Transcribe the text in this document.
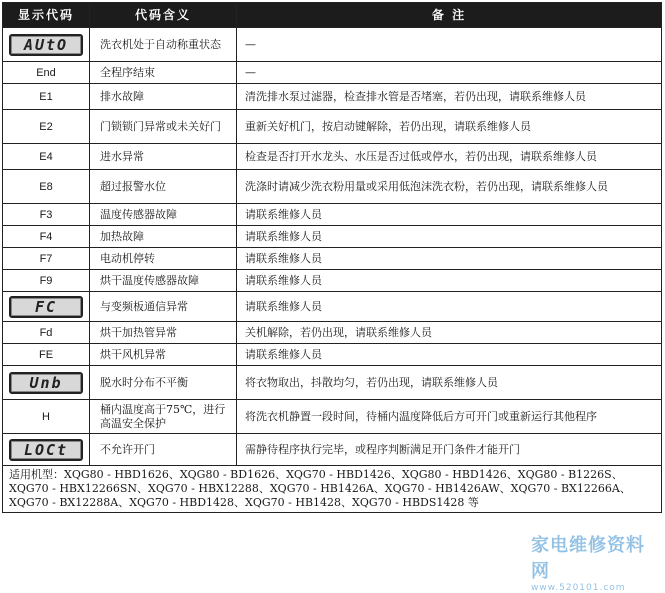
显示代码	代码含义	备 注
AUtO	洗衣机处于自动称重状态	—
End	全程序结束	—
E1	排水故障	清洗排水泵过滤器，检查排水管是否堵塞，若仍出现，请联系维修人员
E2	门锁锁门异常或未关好门	重新关好机门，按启动键解除，若仍出现，请联系维修人员
E4	进水异常	检查是否打开水龙头、水压是否过低或停水，若仍出现，请联系维修人员
E8	超过报警水位	洗涤时请减少洗衣粉用量或采用低泡沫洗衣粉，若仍出现，请联系维修人员
F3	温度传感器故障	请联系维修人员
F4	加热故障	请联系维修人员
F7	电动机停转	请联系维修人员
F9	烘干温度传感器故障	请联系维修人员
FC	与变频板通信异常	请联系维修人员
Fd	烘干加热管异常	关机解除，若仍出现，请联系维修人员
FE	烘干风机异常	请联系维修人员
Unb	脱水时分布不平衡	将衣物取出，抖散均匀，若仍出现，请联系维修人员
H	桶内温度高于75℃，进行高温安全保护	将洗衣机静置一段时间，待桶内温度降低后方可开门或重新运行其他程序
LOCt	不允许开门	需静待程序执行完毕，或程序判断满足开门条件才能开门
适用机型：XQG80 - HBD1626、XQG80 - BD1626、XQG70 - HBD1426、XQG80 - HBD1426、XQG80 - B1226S、XQG70 - HBX12266SN、XQG70 - HBX12288、XQG70 - HB1426A、XQG70 - HB1426AW、XQG70 - BX12266A、XQG70 - BX12288A、XQG70 - HBD1428、XQG70 - HB1428、XQG70 - HBDS1428 等		
家电维修资料网
www.520101.com
